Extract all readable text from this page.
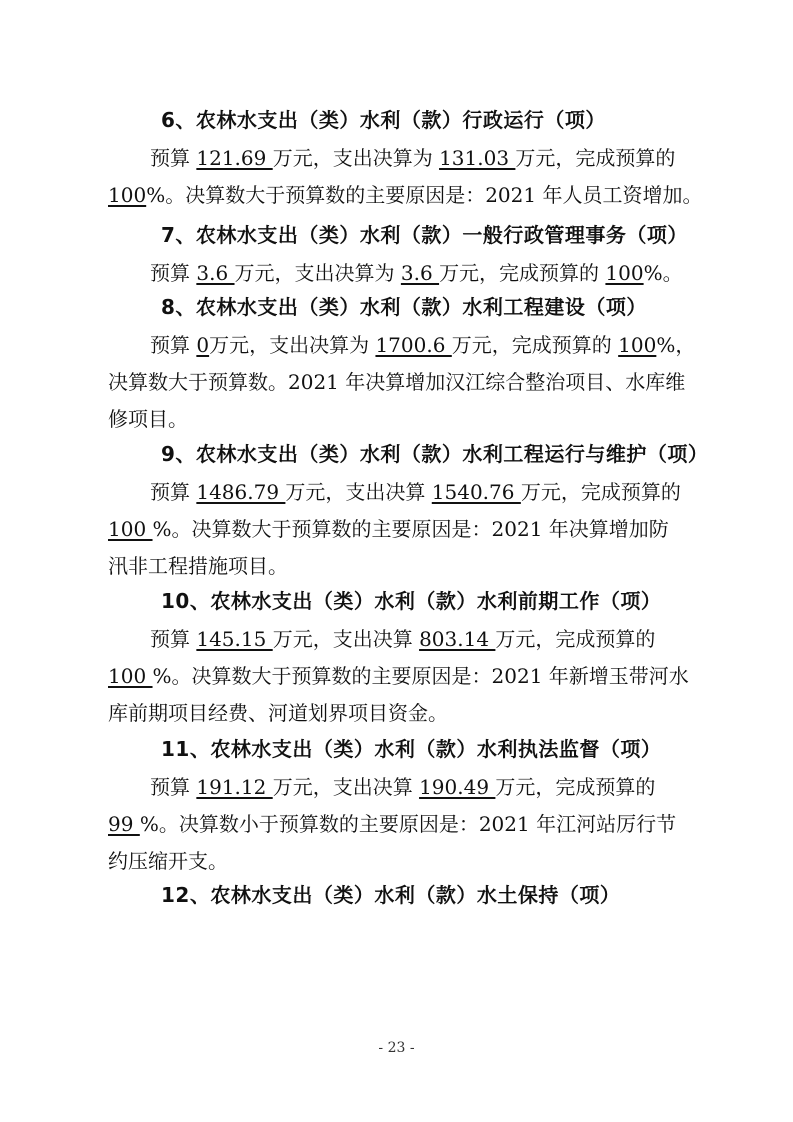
6、农林水支出（类）水利（款）行政运行（项）
预算 121.69 万元，支出决算为 131.03 万元，完成预算的
100%。决算数大于预算数的主要原因是：2021 年人员工资增加。
7、农林水支出（类）水利（款）一般行政管理事务（项）
预算 3.6 万元，支出决算为 3.6 万元，完成预算的 100%。
8、农林水支出（类）水利（款）水利工程建设（项）
预算 0万元，支出决算为 1700.6 万元，完成预算的 100%，
决算数大于预算数。2021 年决算增加汉江综合整治项目、水库维
修项目。
9、农林水支出（类）水利（款）水利工程运行与维护（项）
预算 1486.79 万元，支出决算 1540.76 万元，完成预算的
100 %。决算数大于预算数的主要原因是：2021 年决算增加防
汛非工程措施项目。
10、农林水支出（类）水利（款）水利前期工作（项）
预算 145.15 万元，支出决算 803.14 万元，完成预算的
100 %。决算数大于预算数的主要原因是：2021 年新增玉带河水
库前期项目经费、河道划界项目资金。
11、农林水支出（类）水利（款）水利执法监督（项）
预算 191.12 万元，支出决算 190.49 万元，完成预算的
99 %。决算数小于预算数的主要原因是：2021 年江河站厉行节
约压缩开支。
12、农林水支出（类）水利（款）水土保持（项）
- 23 -
